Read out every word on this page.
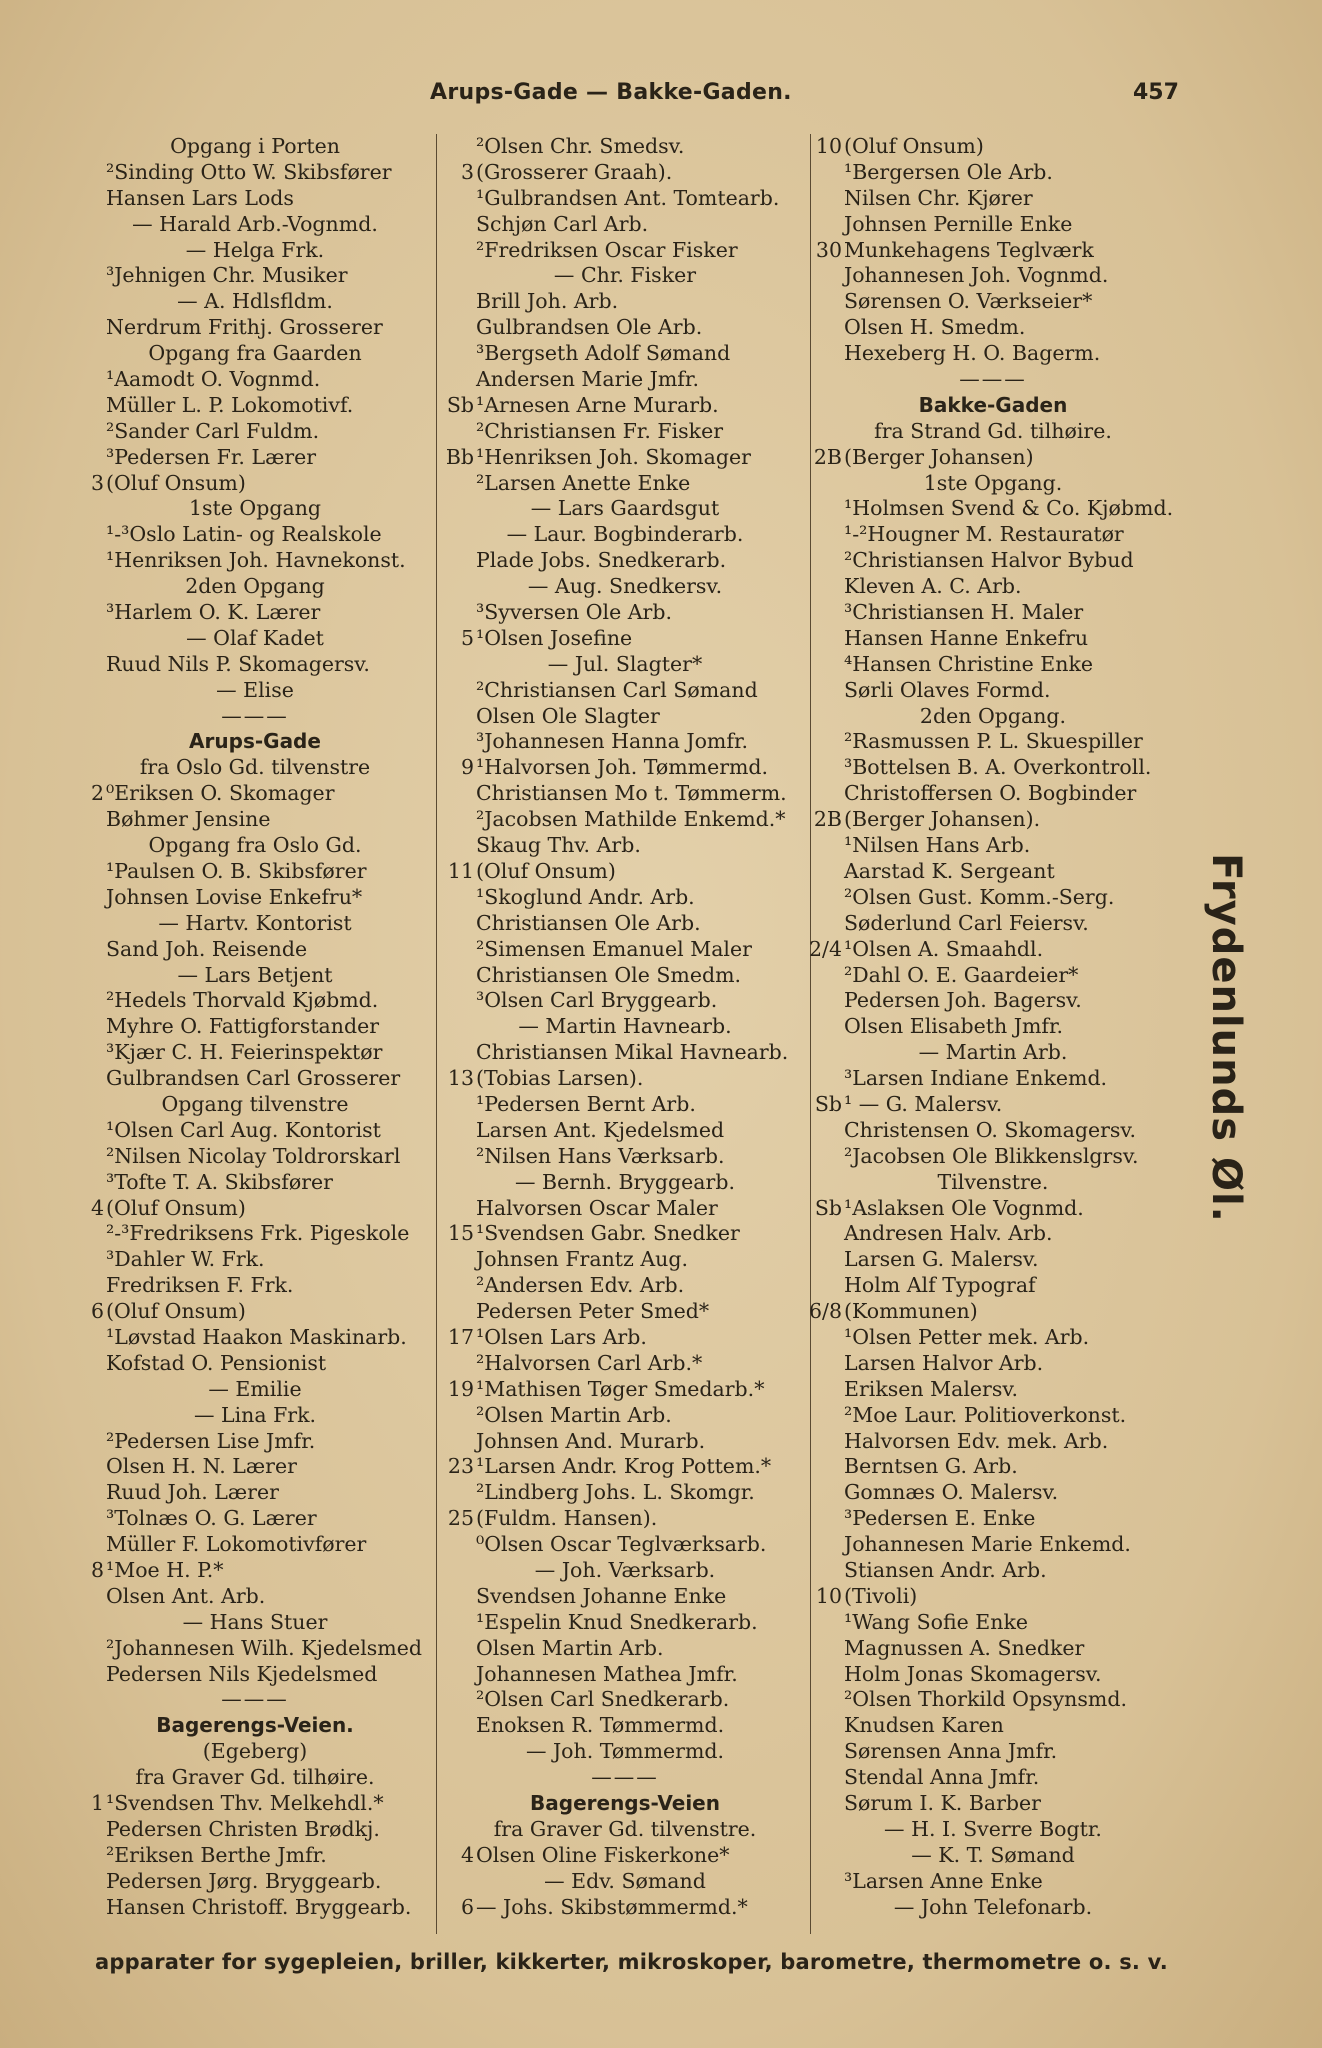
Arups-Gade — Bakke-Gaden.	457
Opgang i Porten
²Sinding Otto W. Skibsfører
Hansen Lars Lods
— Harald Arb.-Vognmd.
— Helga Frk.
³Jehnigen Chr. Musiker
— A. Hdlsfldm.
Nerdrum Frithj. Grosserer
Opgang fra Gaarden
¹Aamodt O. Vognmd.
Müller L. P. Lokomotivf.
²Sander Carl Fuldm.
³Pedersen Fr. Lærer
3 (Oluf Onsum)
1ste Opgang
¹-³Oslo Latin- og Realskole
¹Henriksen Joh. Havnekonst.
2den Opgang
³Harlem O. K. Lærer
— Olaf Kadet
Ruud Nils P. Skomagersv.
— Elise
———
Arups-Gade
fra Oslo Gd. tilvenstre
2 ⁰Eriksen O. Skomager
Bøhmer Jensine
Opgang fra Oslo Gd.
¹Paulsen O. B. Skibsfører
Johnsen Lovise Enkefru*
— Hartv. Kontorist
Sand Joh. Reisende
— Lars Betjent
²Hedels Thorvald Kjøbmd.
Myhre O. Fattigforstander
³Kjær C. H. Feierinspektør
Gulbrandsen Carl Grosserer
Opgang tilvenstre
¹Olsen Carl Aug. Kontorist
²Nilsen Nicolay Toldrorskarl
³Tofte T. A. Skibsfører
4 (Oluf Onsum)
²-³Fredriksens Frk. Pigeskole
³Dahler W. Frk.
Fredriksen F. Frk.
6 (Oluf Onsum)
¹Løvstad Haakon Maskinarb.
Kofstad O. Pensionist
— Emilie
— Lina Frk.
²Pedersen Lise Jmfr.
Olsen H. N. Lærer
Ruud Joh. Lærer
³Tolnæs O. G. Lærer
Müller F. Lokomotivfører
8 ¹Moe H. P.*
Olsen Ant. Arb.
— Hans Stuer
²Johannesen Wilh. Kjedelsmed
Pedersen Nils Kjedelsmed
———
Bagerengs-Veien.
(Egeberg)
fra Graver Gd. tilhøire.
1 ¹Svendsen Thv. Melkehdl.*
Pedersen Christen Brødkj.
²Eriksen Berthe Jmfr.
Pedersen Jørg. Bryggearb.
Hansen Christoff. Bryggearb.
²Olsen Chr. Smedsv.
3 (Grosserer Graah).
¹Gulbrandsen Ant. Tomtearb.
Schjøn Carl Arb.
²Fredriksen Oscar Fisker
— Chr. Fisker
Brill Joh. Arb.
Gulbrandsen Ole Arb.
³Bergseth Adolf Sømand
Andersen Marie Jmfr.
Sb ¹Arnesen Arne Murarb.
²Christiansen Fr. Fisker
Bb ¹Henriksen Joh. Skomager
²Larsen Anette Enke
— Lars Gaardsgut
— Laur. Bogbinderarb.
Plade Jobs. Snedkerarb.
— Aug. Snedkersv.
³Syversen Ole Arb.
5 ¹Olsen Josefine
— Jul. Slagter*
²Christiansen Carl Sømand
Olsen Ole Slagter
³Johannesen Hanna Jomfr.
9 ¹Halvorsen Joh. Tømmermd.
Christiansen Mo t. Tømmerm.
²Jacobsen Mathilde Enkemd.*
Skaug Thv. Arb.
11 (Oluf Onsum)
¹Skoglund Andr. Arb.
Christiansen Ole Arb.
²Simensen Emanuel Maler
Christiansen Ole Smedm.
³Olsen Carl Bryggearb.
— Martin Havnearb.
Christiansen Mikal Havnearb.
13 (Tobias Larsen).
¹Pedersen Bernt Arb.
Larsen Ant. Kjedelsmed
²Nilsen Hans Værksarb.
— Bernh. Bryggearb.
Halvorsen Oscar Maler
15 ¹Svendsen Gabr. Snedker
Johnsen Frantz Aug.
²Andersen Edv. Arb.
Pedersen Peter Smed*
17 ¹Olsen Lars Arb.
²Halvorsen Carl Arb.*
19 ¹Mathisen Tøger Smedarb.*
²Olsen Martin Arb.
Johnsen And. Murarb.
23 ¹Larsen Andr. Krog Pottem.*
²Lindberg Johs. L. Skomgr.
25 (Fuldm. Hansen).
⁰Olsen Oscar Teglværksarb.
— Joh. Værksarb.
Svendsen Johanne Enke
¹Espelin Knud Snedkerarb.
Olsen Martin Arb.
Johannesen Mathea Jmfr.
²Olsen Carl Snedkerarb.
Enoksen R. Tømmermd.
— Joh. Tømmermd.
———
Bagerengs-Veien
fra Graver Gd. tilvenstre.
4 Olsen Oline Fiskerkone*
— Edv. Sømand
6 — Johs. Skibstømmermd.*
10 (Oluf Onsum)
¹Bergersen Ole Arb.
Nilsen Chr. Kjører
Johnsen Pernille Enke
30 Munkehagens Teglværk
Johannesen Joh. Vognmd.
Sørensen O. Værkseier*
Olsen H. Smedm.
Hexeberg H. O. Bagerm.
———
Bakke-Gaden
fra Strand Gd. tilhøire.
2B (Berger Johansen)
1ste Opgang.
¹Holmsen Svend & Co. Kjøbmd.
¹-²Hougner M. Restauratør
²Christiansen Halvor Bybud
Kleven A. C. Arb.
³Christiansen H. Maler
Hansen Hanne Enkefru
⁴Hansen Christine Enke
Sørli Olaves Formd.
2den Opgang.
²Rasmussen P. L. Skuespiller
³Bottelsen B. A. Overkontroll.
Christoffersen O. Bogbinder
2B (Berger Johansen).
¹Nilsen Hans Arb.
Aarstad K. Sergeant
²Olsen Gust. Komm.-Serg.
Søderlund Carl Feiersv.
2/4 ¹Olsen A. Smaahdl.
²Dahl O. E. Gaardeier*
Pedersen Joh. Bagersv.
Olsen Elisabeth Jmfr.
— Martin Arb.
³Larsen Indiane Enkemd.
Sb ¹ — G. Malersv.
Christensen O. Skomagersv.
²Jacobsen Ole Blikkenslgrsv.
Tilvenstre.
Sb ¹Aslaksen Ole Vognmd.
Andresen Halv. Arb.
Larsen G. Malersv.
Holm Alf Typograf
6/8 (Kommunen)
¹Olsen Petter mek. Arb.
Larsen Halvor Arb.
Eriksen Malersv.
²Moe Laur. Politioverkonst.
Halvorsen Edv. mek. Arb.
Berntsen G. Arb.
Gomnæs O. Malersv.
³Pedersen E. Enke
Johannesen Marie Enkemd.
Stiansen Andr. Arb.
10 (Tivoli)
¹Wang Sofie Enke
Magnussen A. Snedker
Holm Jonas Skomagersv.
²Olsen Thorkild Opsynsmd.
Knudsen Karen
Sørensen Anna Jmfr.
Stendal Anna Jmfr.
Sørum I. K. Barber
— H. I. Sverre Bogtr.
— K. T. Sømand
³Larsen Anne Enke
— John Telefonarb.
Frydenlunds Øl.
apparater for sygepleien, briller, kikkerter, mikroskoper, barometre, thermometre o. s. v.
